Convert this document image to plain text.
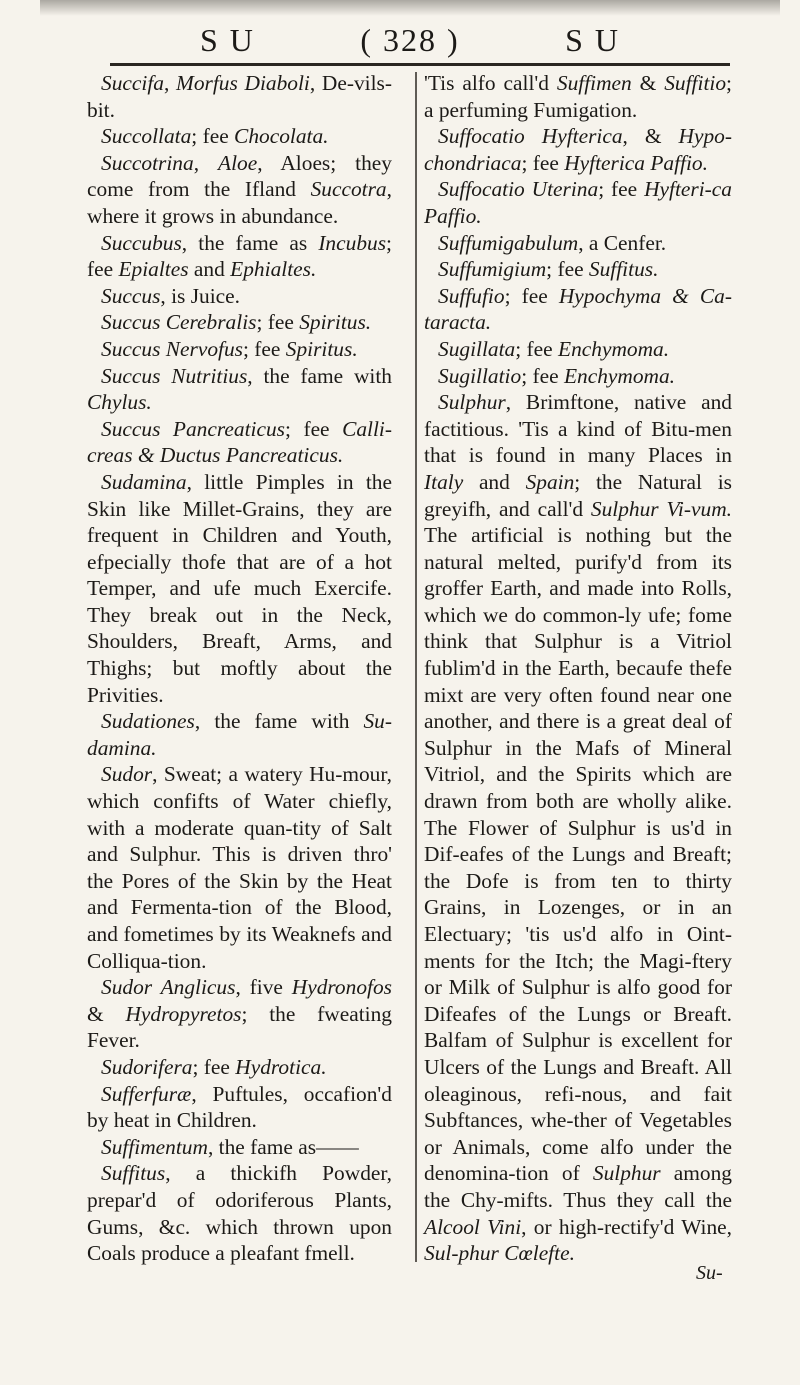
S U	( 328 )	S U

Succifa, Morfus Diaboli, De-vils-bit.

Succollata; fee Chocolata.

Succotrina, Aloe, Aloes; they come from the Ifland Succotra, where it grows in abundance.

Succubus, the fame as Incubus; fee Epialtes and Ephialtes.

Succus, is Juice.

Succus Cerebralis; fee Spiritus.

Succus Nervofus; fee Spiritus.

Succus Nutritius, the fame with Chylus.

Succus Pancreaticus; fee Calli-creas & Ductus Pancreaticus.

Sudamina, little Pimples in the Skin like Millet-Grains, they are frequent in Children and Youth, efpecially thofe that are of a hot Temper, and ufe much Exercife. They break out in the Neck, Shoulders, Breaft, Arms, and Thighs; but moftly about the Privities.

Sudationes, the fame with Su-damina.

Sudor, Sweat; a watery Hu-mour, which confifts of Water chiefly, with a moderate quan-tity of Salt and Sulphur. This is driven thro' the Pores of the Skin by the Heat and Fermenta-tion of the Blood, and fometimes by its Weaknefs and Colliqua-tion.

Sudor Anglicus, five Hydronofos & Hydropyretos; the fweating Fever.

Sudorifera; fee Hydrotica.

Sufferfuræ, Puftules, occafion'd by heat in Children.

Suffimentum, the fame as——

Suffitus, a thickifh Powder, prepar'd of odoriferous Plants, Gums, &c. which thrown upon Coals produce a pleafant fmell.

'Tis alfo call'd Suffimen & Suffitio; a perfuming Fumigation.

Suffocatio Hyfterica, & Hypo-chondriaca; fee Hyfterica Paffio.

Suffocatio Uterina; fee Hyfteri-ca Paffio.

Suffumigabulum, a Cenfer.

Suffumigium; fee Suffitus.

Suffufio; fee Hypochyma & Ca-taracta.

Sugillata; fee Enchymoma.

Sugillatio; fee Enchymoma.

Sulphur, Brimftone, native and factitious. 'Tis a kind of Bitu-men that is found in many Places in Italy and Spain; the Natural is greyifh, and call'd Sulphur Vi-vum. The artificial is nothing but the natural melted, purify'd from its groffer Earth, and made into Rolls, which we do common-ly ufe; fome think that Sulphur is a Vitriol fublim'd in the Earth, becaufe thefe mixt are very often found near one another, and there is a great deal of Sulphur in the Mafs of Mineral Vitriol, and the Spirits which are drawn from both are wholly alike. The Flower of Sulphur is us'd in Dif-eafes of the Lungs and Breaft; the Dofe is from ten to thirty Grains, in Lozenges, or in an Electuary; 'tis us'd alfo in Oint-ments for the Itch; the Magi-ftery or Milk of Sulphur is alfo good for Difeafes of the Lungs or Breaft. Balfam of Sulphur is excellent for Ulcers of the Lungs and Breaft. All oleaginous, refi-nous, and fait Subftances, whe-ther of Vegetables or Animals, come alfo under the denomina-tion of Sulphur among the Chy-mifts. Thus they call the Alcool Vini, or high-rectify'd Wine, Sul-phur Cœlefte.

Su-
